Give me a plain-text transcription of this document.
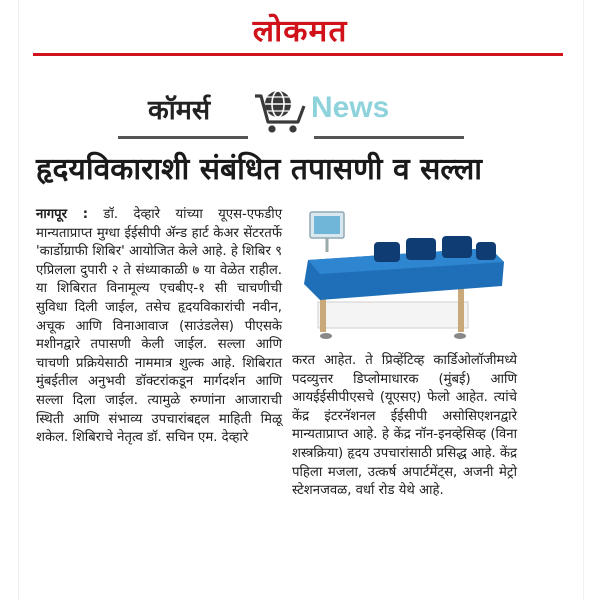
लोकमत
कॉमर्स	News
हृदयविकाराशी संबंधित तपासणी व सल्ला
नागपूर : डॉ. देव्हारे यांच्या यूएस-एफडीए मान्यताप्राप्त मुग्धा ईईसीपी ॲन्ड हार्ट केअर सेंटरतर्फे 'कार्डोग्राफी शिबिर' आयोजित केले आहे. हे शिबिर ९ एप्रिलला दुपारी २ ते संध्याकाळी ७ या वेळेत राहील. या शिबिरात विनामूल्य एचबीए-१ सी चाचणीची सुविधा दिली जाईल, तसेच हृदयविकारांची नवीन, अचूक आणि विनाआवाज (साउंडलेस) पीएसके मशीनद्वारे तपासणी केली जाईल. सल्ला आणि चाचणी प्रक्रियेसाठी नाममात्र शुल्क आहे. शिबिरात मुंबईतील अनुभवी डॉक्टरांकडून मार्गदर्शन आणि सल्ला दिला जाईल. त्यामुळे रुग्णांना आजाराची स्थिती आणि संभाव्य उपचारांबद्दल माहिती मिळू शकेल. शिबिराचे नेतृत्व डॉ. सचिन एम. देव्हारे
करत आहेत. ते प्रिव्हेंटिव्ह कार्डिओलॉजीमध्ये पदव्युत्तर डिप्लोमाधारक (मुंबई) आणि आयईईसीपीएसचे (यूएसए) फेलो आहेत. त्यांचे केंद्र इंटरनॅशनल ईईसीपी असोसिएशनद्वारे मान्यताप्राप्त आहे. हे केंद्र नॉन-इनव्हेसिव्ह (विना शस्त्रक्रिया) हृदय उपचारांसाठी प्रसिद्ध आहे. केंद्र पहिला मजला, उत्कर्ष अपार्टमेंट्स, अजनी मेट्रो स्टेशनजवळ, वर्धा रोड येथे आहे.
